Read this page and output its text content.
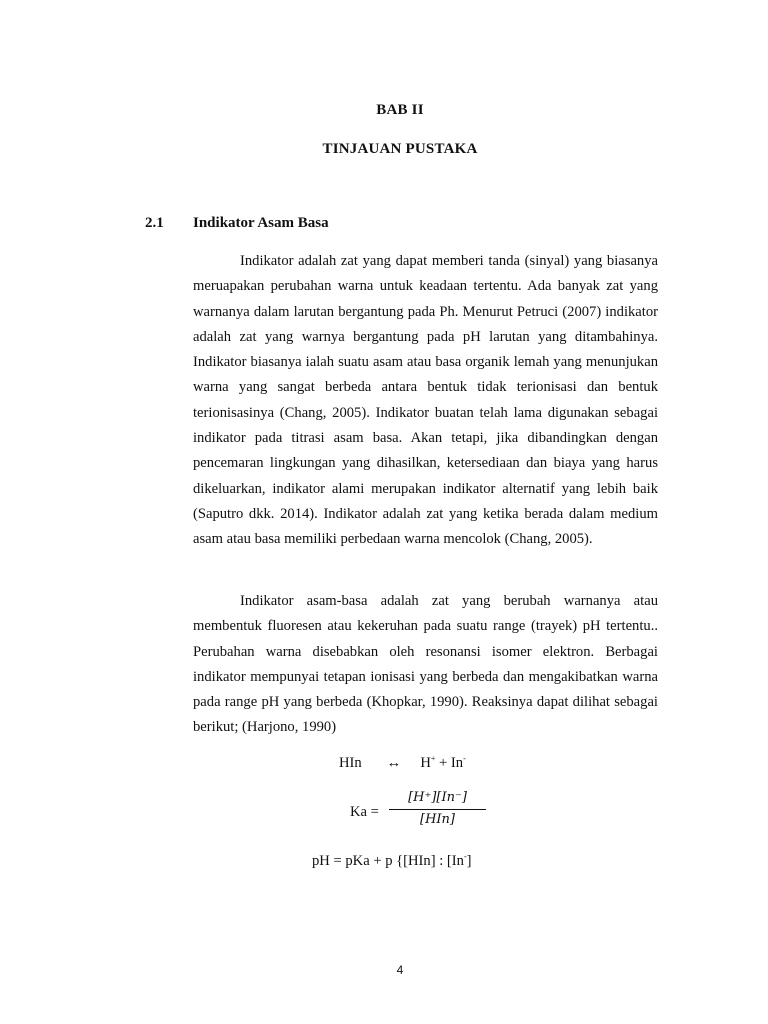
BAB II
TINJAUAN PUSTAKA
2.1 Indikator Asam Basa

Indikator adalah zat yang dapat memberi tanda (sinyal) yang biasanya meruapakan perubahan warna untuk keadaan tertentu. Ada banyak zat yang warnanya dalam larutan bergantung pada Ph. Menurut Petruci (2007) indikator adalah zat yang warnya bergantung pada pH larutan yang ditambahinya. Indikator biasanya ialah suatu asam atau basa organik lemah yang menunjukan warna yang sangat berbeda antara bentuk tidak terionisasi dan bentuk terionisasinya (Chang, 2005). Indikator buatan telah lama digunakan sebagai indikator pada titrasi asam basa. Akan tetapi, jika dibandingkan dengan pencemaran lingkungan yang dihasilkan, ketersediaan dan biaya yang harus dikeluarkan, indikator alami merupakan indikator alternatif yang lebih baik (Saputro dkk. 2014). Indikator adalah zat yang ketika berada dalam medium asam atau basa memiliki perbedaan warna mencolok (Chang, 2005).

Indikator asam-basa adalah zat yang berubah warnanya atau membentuk fluoresen atau kekeruhan pada suatu range (trayek) pH tertentu.. Perubahan warna disebabkan oleh resonansi isomer elektron. Berbagai indikator mempunyai tetapan ionisasi yang berbeda dan mengakibatkan warna pada range pH yang berbeda (Khopkar, 1990). Reaksinya dapat dilihat sebagai berikut; (Harjono, 1990)

HIn ↔ H+ + In-
Ka =
[H⁺][In⁻]
[HIn]
pH = pKa + p {[HIn] : [In-]
4
